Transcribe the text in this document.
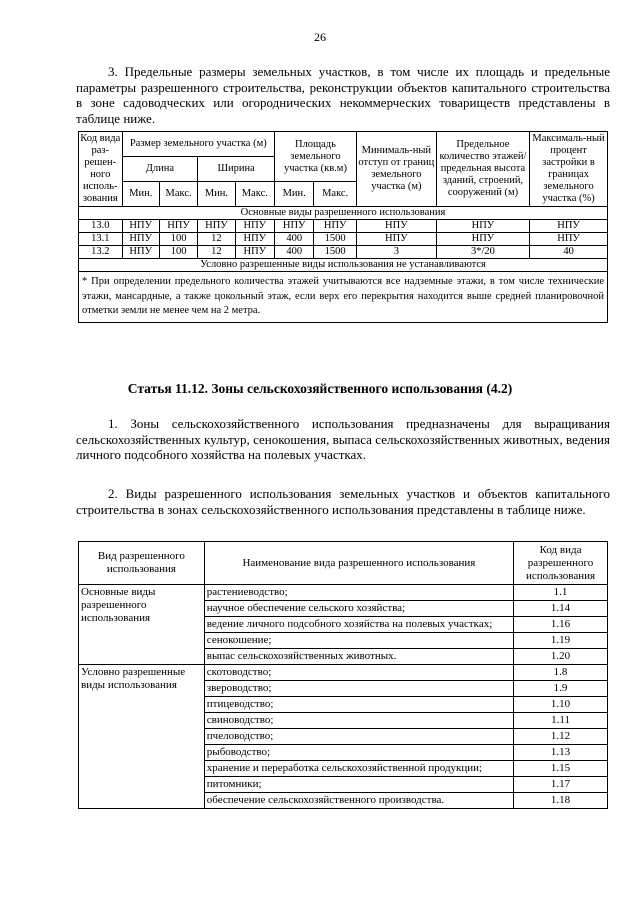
26

3. Предельные размеры земельных участков, в том числе их площадь и предельные параметры разрешенного строительства, реконструкции объектов капитального строительства в зоне садоводческих или огороднических некоммерческих товариществ представлены в таблице ниже.

Код вида раз-решен-ного исполь-зования	Размер земельного участка (м)				Площадь земельного участка (кв.м)		Минималь-ный отступ от границ земельного участка (м)	Предельное количество этажей/ предельная высота зданий, строений, сооружений (м)	Максималь-ный процент застройки в границах земельного участка (%)
	Длина		Ширина						
	Мин.	Макс.	Мин.	Макс.	Мин.	Макс.			
Основные виды разрешенного использования									
13.0	НПУ	НПУ	НПУ	НПУ	НПУ	НПУ	НПУ	НПУ	НПУ
13.1	НПУ	100	12	НПУ	400	1500	НПУ	НПУ	НПУ
13.2	НПУ	100	12	НПУ	400	1500	3	3*/20	40
Условно разрешенные виды использования не устанавливаются									
* При определении предельного количества этажей учитываются все надземные этажи, в том числе технические этажи, мансардные, а также цокольный этаж, если верх его перекрытия находится выше средней планировочной отметки земли не менее чем на 2 метра.									
Статья 11.12. Зоны сельскохозяйственного использования (4.2)

1. Зоны сельскохозяйственного использования предназначены для выращивания сельскохозяйственных культур, сенокошения, выпаса сельскохозяйственных животных, ведения личного подсобного хозяйства на полевых участках.

2. Виды разрешенного использования земельных участков и объектов капитального строительства в зонах сельскохозяйственного использования представлены в таблице ниже.

Вид разрешенного использования	Наименование вида разрешенного использования	Код вида разрешенного использования
Основные виды разрешенного использования	растениеводство;	1.1
	научное обеспечение сельского хозяйства;	1.14
	ведение личного подсобного хозяйства на полевых участках;	1.16
	сенокошение;	1.19
	выпас сельскохозяйственных животных.	1.20
Условно разрешенные виды использования	скотоводство;	1.8
	звероводство;	1.9
	птицеводство;	1.10
	свиноводство;	1.11
	пчеловодство;	1.12
	рыбоводство;	1.13
	хранение и переработка сельскохозяйственной продукции;	1.15
	питомники;	1.17
	обеспечение сельскохозяйственного производства.	1.18
